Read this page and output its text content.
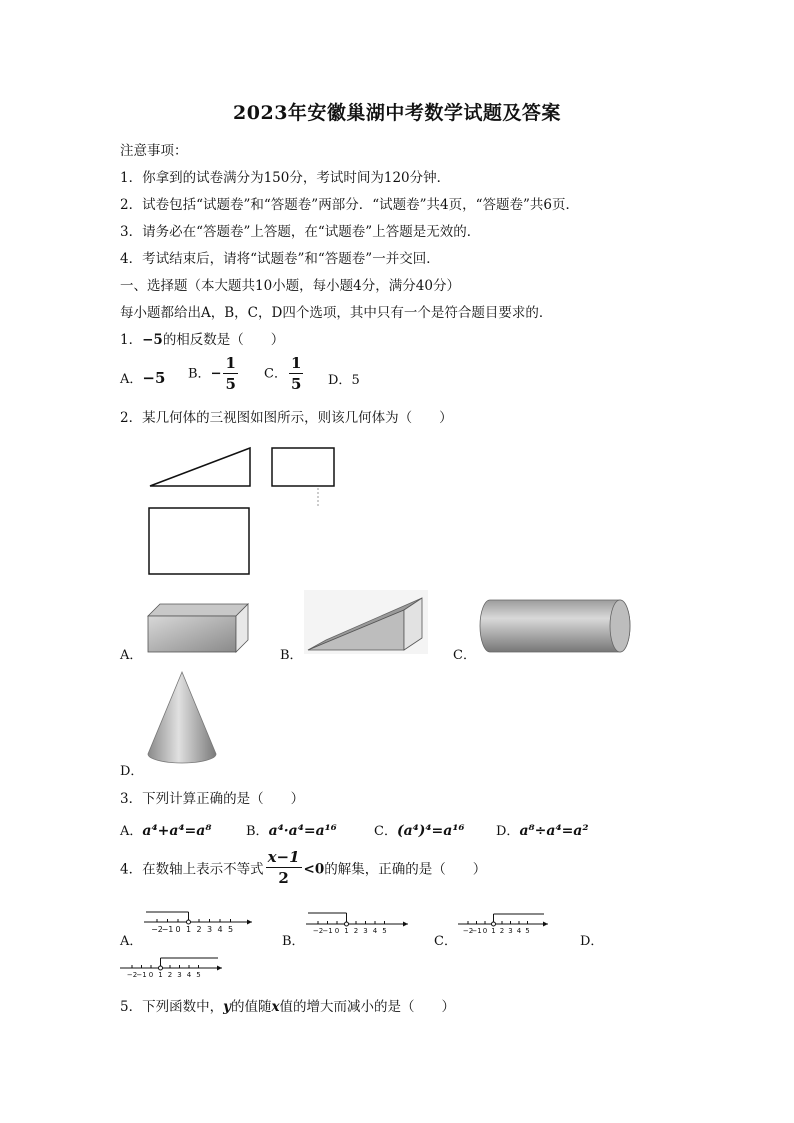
2023年安徽巢湖中考数学试题及答案
注意事项：
1．你拿到的试卷满分为150分，考试时间为120分钟．
2．试卷包括“试题卷”和“答题卷”两部分．“试题卷”共4页，“答题卷”共6页．
3．请务必在“答题卷”上答题，在“试题卷”上答题是无效的．
4．考试结束后，请将“试题卷”和“答题卷”一并交回．
一、选择题（本大题共10小题，每小题4分，满分40分）
每小题都给出A，B，C，D四个选项，其中只有一个是符合题目要求的．
1．−5的相反数是（　　）
A．−5 B．− $\frac{1}{5}$ C． $\frac{1}{5}$ D．5
2．某几何体的三视图如图所示，则该几何体为（　　）
A．	B．	C．
D．
3．下列计算正确的是（　　）
A．a⁴+a⁴=a⁸	B．a⁴·a⁴=a¹⁶	C．(a⁴)⁴=a¹⁶ D．a⁸÷a⁴=a²
4．在数轴上表示不等式 $\frac{x-1}{2} <0$的解集，正确的是（　　）
A．
−2
−1 0 1 2 3 4 5
B．
−2 −1 0 1 2 3 4 5
C．
−2
−1 0 1 2 3 4 5
D．
−2 −1 0 1 2 3 4 5
5．下列函数中，y的值随x值的增大而减小的是（　　）
